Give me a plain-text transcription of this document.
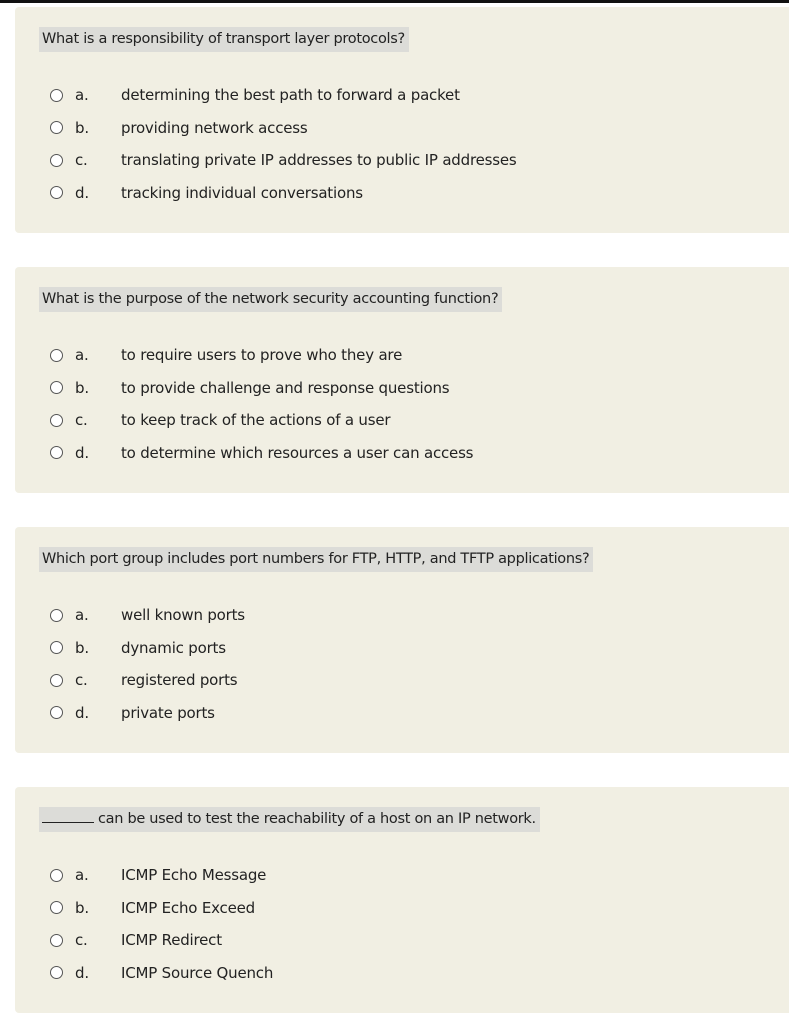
What is a responsibility of transport layer protocols?
a.	determining the best path to forward a packet
b.	providing network access
c.	translating private IP addresses to public IP addresses
d.	tracking individual conversations
What is the purpose of the network security accounting function?
a.	to require users to prove who they are
b.	to provide challenge and response questions
c.	to keep track of the actions of a user
d.	to determine which resources a user can access
Which port group includes port numbers for FTP, HTTP, and TFTP applications?
a.	well known ports
b.	dynamic ports
c.	registered ports
d.	private ports
can be used to test the reachability of a host on an IP network.
a.	ICMP Echo Message
b.	ICMP Echo Exceed
c.	ICMP Redirect
d.	ICMP Source Quench
